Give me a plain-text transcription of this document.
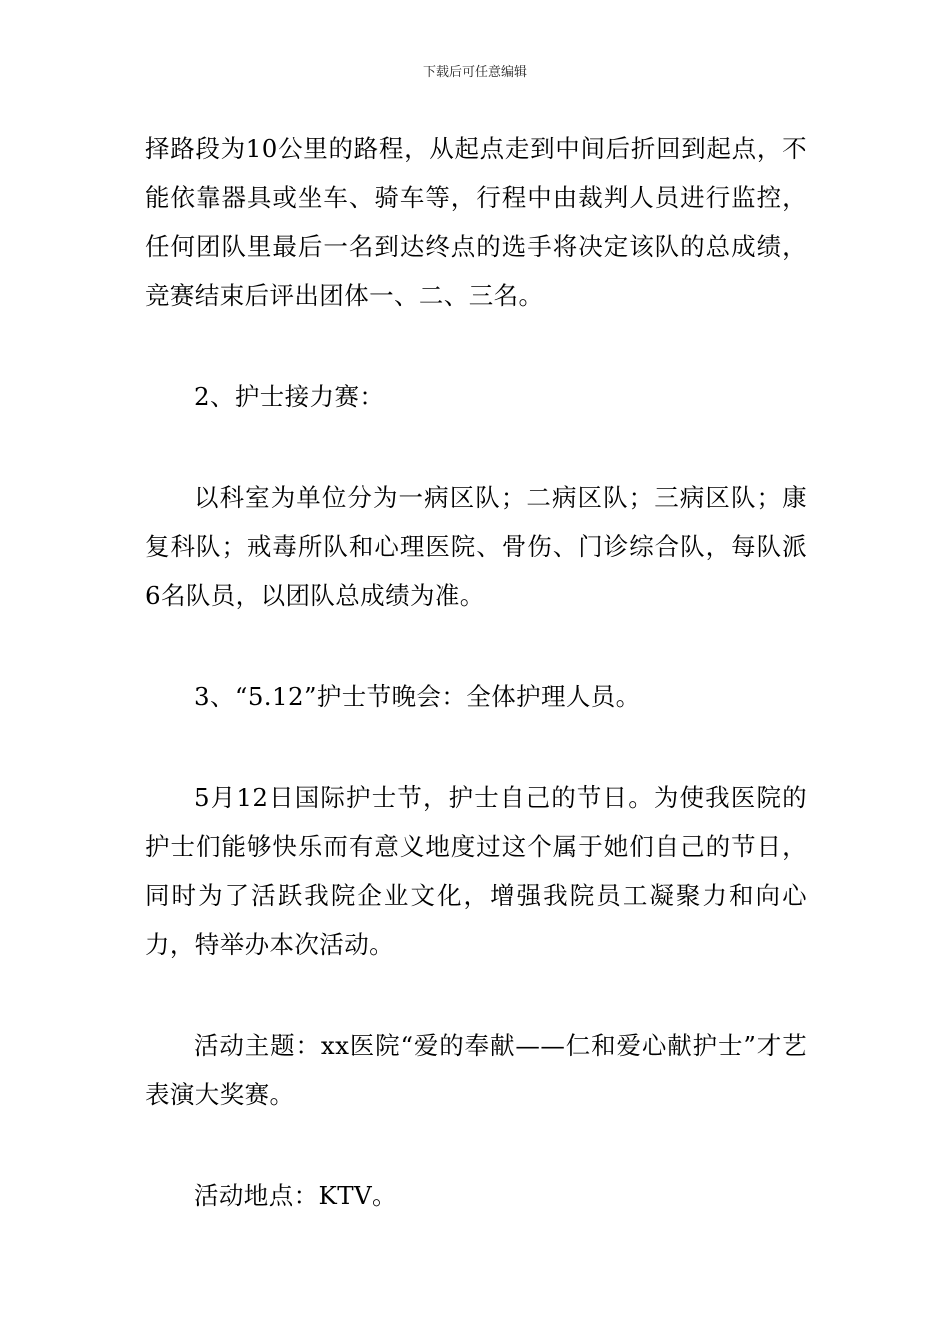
下载后可任意编辑

择路段为10公里的路程，从起点走到中间后折回到起点，不能依靠器具或坐车、骑车等，行程中由裁判人员进行监控，任何团队里最后一名到达终点的选手将决定该队的总成绩，竞赛结束后评出团体一、二、三名。

2、护士接力赛：

以科室为单位分为一病区队；二病区队；三病区队；康复科队；戒毒所队和心理医院、骨伤、门诊综合队，每队派6名队员，以团队总成绩为准。

3、“5.12”护士节晚会：全体护理人员。

5月12日国际护士节，护士自己的节日。为使我医院的护士们能够快乐而有意义地度过这个属于她们自己的节日，同时为了活跃我院企业文化，增强我院员工凝聚力和向心力，特举办本次活动。

活动主题：xx医院“爱的奉献——仁和爱心献护士”才艺表演大奖赛。

活动地点：KTV。
